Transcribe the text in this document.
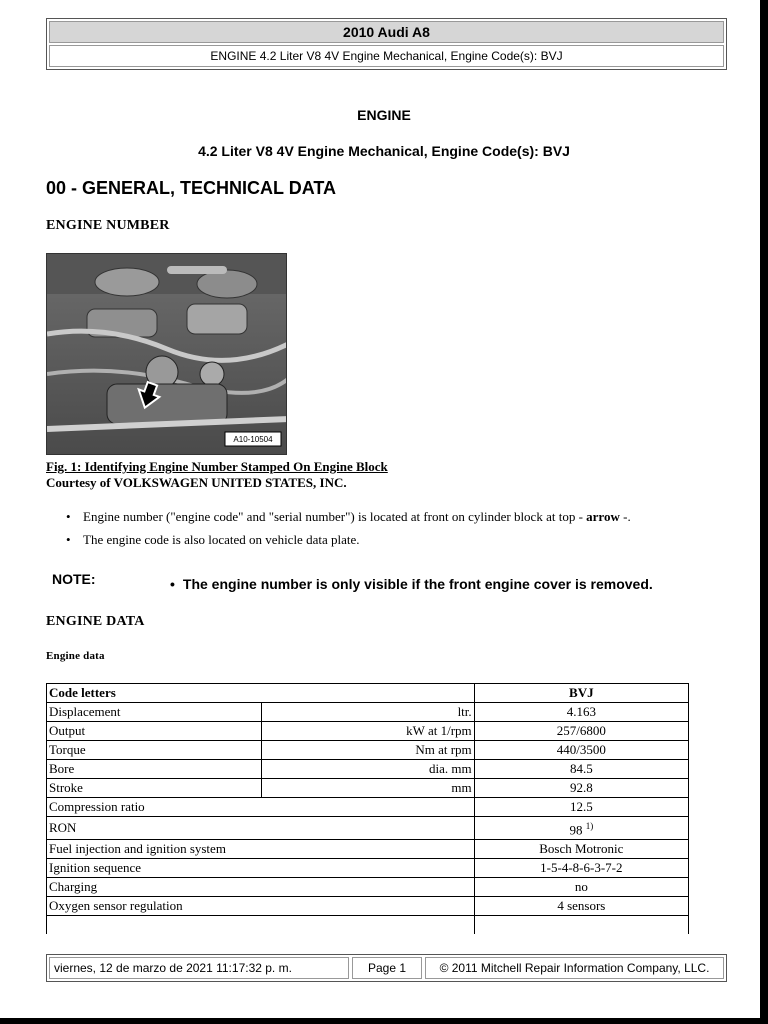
2010 Audi A8
ENGINE 4.2 Liter V8 4V Engine Mechanical, Engine Code(s): BVJ
ENGINE
4.2 Liter V8 4V Engine Mechanical, Engine Code(s): BVJ
00 - GENERAL, TECHNICAL DATA
ENGINE NUMBER
A10-10504
Fig. 1: Identifying Engine Number Stamped On Engine Block
Courtesy of VOLKSWAGEN UNITED STATES, INC.
• Engine number ("engine code" and "serial number") is located at front on cylinder block at top - arrow -.
• The engine code is also located on vehicle data plate.
NOTE:	• The engine number is only visible if the front engine cover is removed.
ENGINE DATA
Engine data
Code letters		BVJ
Displacement	ltr.	4.163
Output	kW at 1/rpm	257/6800
Torque	Nm at rpm	440/3500
Bore	dia. mm	84.5
Stroke	mm	92.8
Compression ratio		12.5
RON		98 $^{1)}$
Fuel injection and ignition system		Bosch Motronic
Ignition sequence		1-5-4-8-6-3-7-2
Charging		no
Oxygen sensor regulation		4 sensors

viernes, 12 de marzo de 2021 11:17:32 p. m.	Page 1	© 2011 Mitchell Repair Information Company, LLC.
